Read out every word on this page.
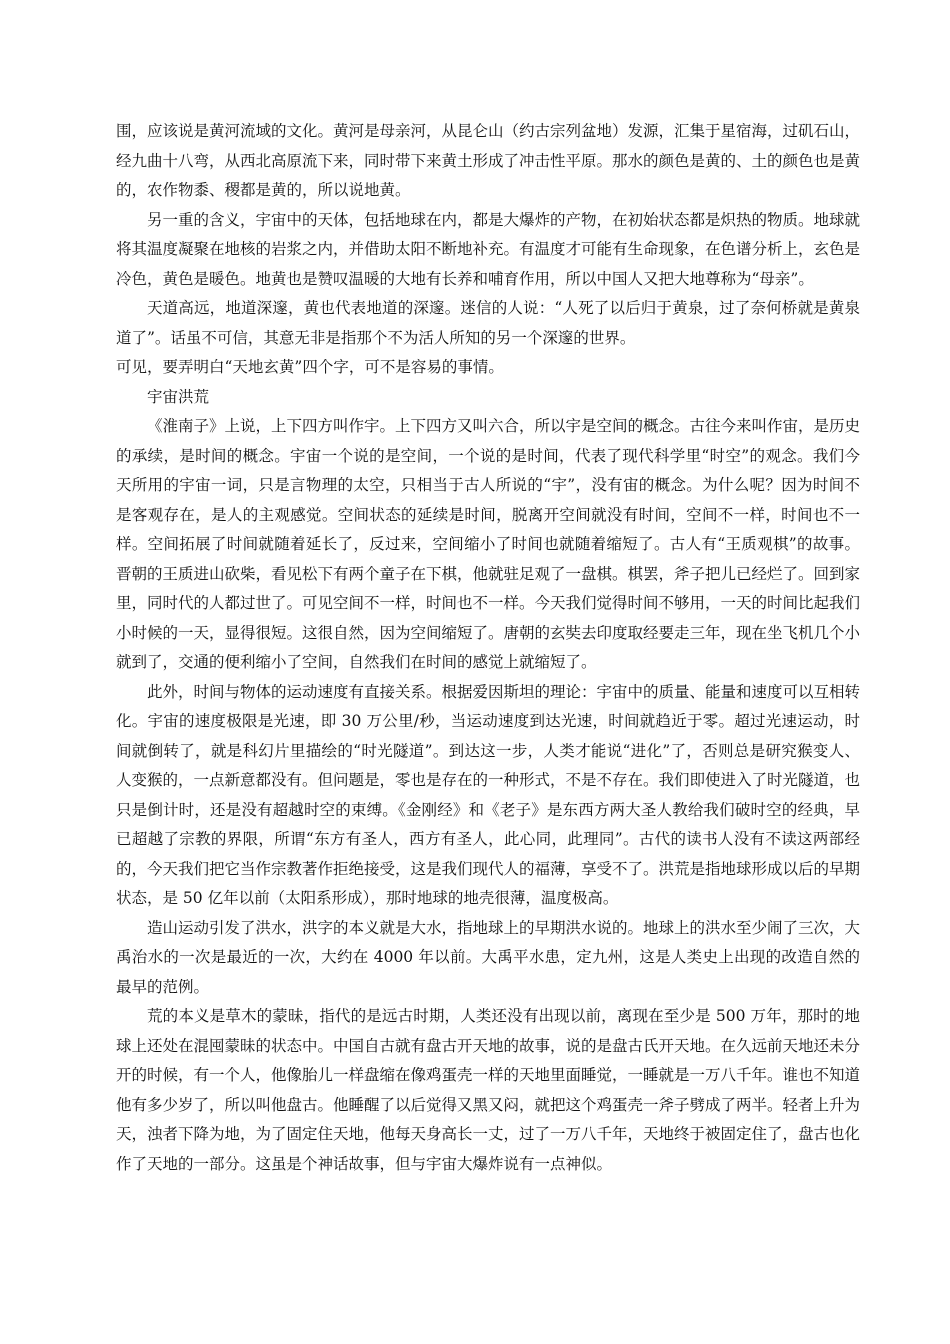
围，应该说是黄河流域的文化。黄河是母亲河，从昆仑山（约古宗列盆地）发源，汇集于星宿海，过矶石山，经九曲十八弯，从西北高原流下来，同时带下来黄土形成了冲击性平原。那水的颜色是黄的、土的颜色也是黄的，农作物黍、稷都是黄的，所以说地黄。

另一重的含义，宇宙中的天体，包括地球在内，都是大爆炸的产物，在初始状态都是炽热的物质。地球就将其温度凝聚在地核的岩浆之内，并借助太阳不断地补充。有温度才可能有生命现象，在色谱分析上，玄色是冷色，黄色是暖色。地黄也是赞叹温暖的大地有长养和哺育作用，所以中国人又把大地尊称为“母亲”。

天道高远，地道深邃，黄也代表地道的深邃。迷信的人说：“人死了以后归于黄泉，过了奈何桥就是黄泉道了”。话虽不可信，其意无非是指那个不为活人所知的另一个深邃的世界。

可见，要弄明白“天地玄黄”四个字，可不是容易的事情。

宇宙洪荒

《淮南子》上说，上下四方叫作宇。上下四方又叫六合，所以宇是空间的概念。古往今来叫作宙，是历史的承续，是时间的概念。宇宙一个说的是空间，一个说的是时间，代表了现代科学里“时空”的观念。我们今天所用的宇宙一词，只是言物理的太空，只相当于古人所说的“宇”，没有宙的概念。为什么呢？因为时间不是客观存在，是人的主观感觉。空间状态的延续是时间，脱离开空间就没有时间，空间不一样，时间也不一样。空间拓展了时间就随着延长了，反过来，空间缩小了时间也就随着缩短了。古人有“王质观棋”的故事。晋朝的王质进山砍柴，看见松下有两个童子在下棋，他就驻足观了一盘棋。棋罢，斧子把儿已经烂了。回到家里，同时代的人都过世了。可见空间不一样，时间也不一样。今天我们觉得时间不够用，一天的时间比起我们小时候的一天，显得很短。这很自然，因为空间缩短了。唐朝的玄奘去印度取经要走三年，现在坐飞机几个小就到了，交通的便利缩小了空间，自然我们在时间的感觉上就缩短了。

此外，时间与物体的运动速度有直接关系。根据爱因斯坦的理论：宇宙中的质量、能量和速度可以互相转化。宇宙的速度极限是光速，即 30 万公里/秒，当运动速度到达光速，时间就趋近于零。超过光速运动，时间就倒转了，就是科幻片里描绘的“时光隧道”。到达这一步，人类才能说“进化”了，否则总是研究猴变人、人变猴的，一点新意都没有。但问题是，零也是存在的一种形式，不是不存在。我们即使进入了时光隧道，也只是倒计时，还是没有超越时空的束缚。《金刚经》和《老子》是东西方两大圣人教给我们破时空的经典，早已超越了宗教的界限，所谓“东方有圣人，西方有圣人，此心同，此理同”。古代的读书人没有不读这两部经的，今天我们把它当作宗教著作拒绝接受，这是我们现代人的福薄，享受不了。洪荒是指地球形成以后的早期状态，是 50 亿年以前（太阳系形成），那时地球的地壳很薄，温度极高。

造山运动引发了洪水，洪字的本义就是大水，指地球上的早期洪水说的。地球上的洪水至少闹了三次，大禹治水的一次是最近的一次，大约在 4000 年以前。大禹平水患，定九州，这是人类史上出现的改造自然的最早的范例。

荒的本义是草木的蒙昧，指代的是远古时期，人类还没有出现以前，离现在至少是 500 万年，那时的地球上还处在混囤蒙昧的状态中。中国自古就有盘古开天地的故事，说的是盘古氏开天地。在久远前天地还未分开的时候，有一个人，他像胎儿一样盘缩在像鸡蛋壳一样的天地里面睡觉，一睡就是一万八千年。谁也不知道他有多少岁了，所以叫他盘古。他睡醒了以后觉得又黑又闷，就把这个鸡蛋壳一斧子劈成了两半。轻者上升为天，浊者下降为地，为了固定住天地，他每天身高长一丈，过了一万八千年，天地终于被固定住了，盘古也化作了天地的一部分。这虽是个神话故事，但与宇宙大爆炸说有一点神似。
